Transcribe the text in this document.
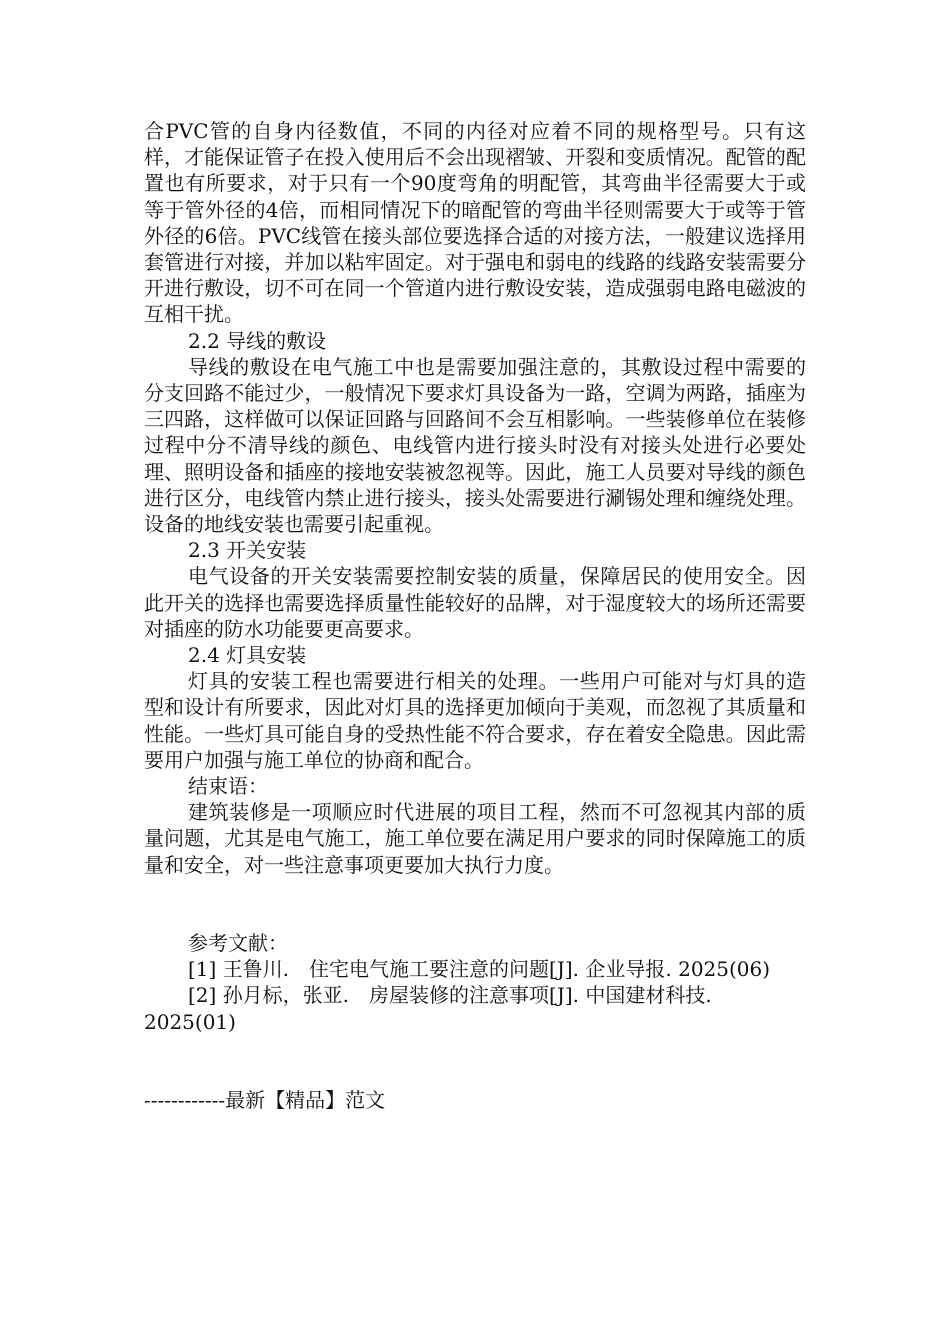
合PVC管的自身内径数值，不同的内径对应着不同的规格型号。只有这样，才能保证管子在投入使用后不会出现褶皱、开裂和变质情况。配管的配置也有所要求，对于只有一个90度弯角的明配管，其弯曲半径需要大于或等于管外径的4倍，而相同情况下的暗配管的弯曲半径则需要大于或等于管外径的6倍。PVC线管在接头部位要选择合适的对接方法，一般建议选择用套管进行对接，并加以粘牢固定。对于强电和弱电的线路的线路安装需要分开进行敷设，切不可在同一个管道内进行敷设安装，造成强弱电路电磁波的互相干扰。

2.2 导线的敷设

导线的敷设在电气施工中也是需要加强注意的，其敷设过程中需要的分支回路不能过少，一般情况下要求灯具设备为一路，空调为两路，插座为三四路，这样做可以保证回路与回路间不会互相影响。一些装修单位在装修过程中分不清导线的颜色、电线管内进行接头时没有对接头处进行必要处理、照明设备和插座的接地安装被忽视等。因此，施工人员要对导线的颜色进行区分，电线管内禁止进行接头，接头处需要进行涮锡处理和缠绕处理。设备的地线安装也需要引起重视。

2.3 开关安装

电气设备的开关安装需要控制安装的质量，保障居民的使用安全。因此开关的选择也需要选择质量性能较好的品牌，对于湿度较大的场所还需要对插座的防水功能要更高要求。

2.4 灯具安装

灯具的安装工程也需要进行相关的处理。一些用户可能对与灯具的造型和设计有所要求，因此对灯具的选择更加倾向于美观，而忽视了其质量和性能。一些灯具可能自身的受热性能不符合要求，存在着安全隐患。因此需要用户加强与施工单位的协商和配合。

结束语：

建筑装修是一项顺应时代进展的项目工程，然而不可忽视其内部的质量问题，尤其是电气施工，施工单位要在满足用户要求的同时保障施工的质量和安全，对一些注意事项更要加大执行力度。

参考文献：

[1] 王鲁川.　住宅电气施工要注意的问题[J]. 企业导报. 2025(06)

[2] 孙月标，张亚.　房屋装修的注意事项[J]. 中国建材科技. 2025(01)

------------最新【精品】范文
